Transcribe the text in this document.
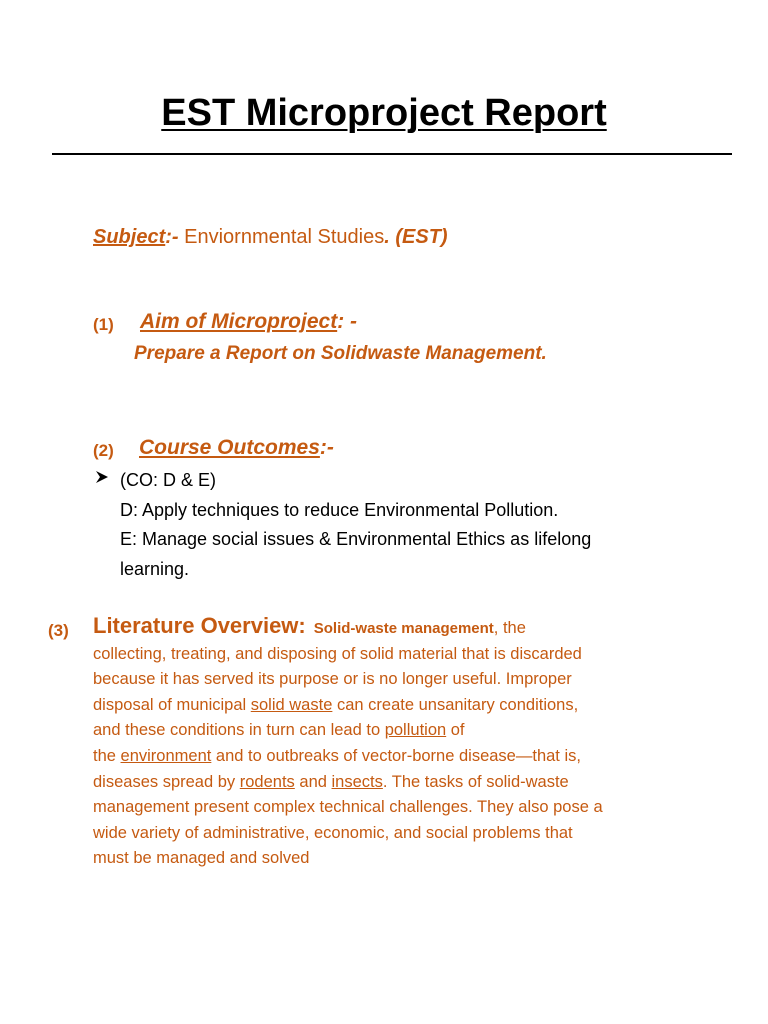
EST Microproject Report
Subject:- Enviornmental Studies. (EST)
(1) Aim of Microproject: -
Prepare a Report on Solidwaste Management.
(2) Course Outcomes:-
(CO: D & E)
D: Apply techniques to reduce Environmental Pollution.
E: Manage social issues & Environmental Ethics as lifelong
learning.
(3) Literature Overview: Solid-waste management, the
collecting, treating, and disposing of solid material that is discarded
because it has served its purpose or is no longer useful. Improper
disposal of municipal solid waste can create unsanitary conditions,
and these conditions in turn can lead to pollution of
the environment and to outbreaks of vector-borne disease—that is,
diseases spread by rodents and insects. The tasks of solid-waste
management present complex technical challenges. They also pose a
wide variety of administrative, economic, and social problems that
must be managed and solved
